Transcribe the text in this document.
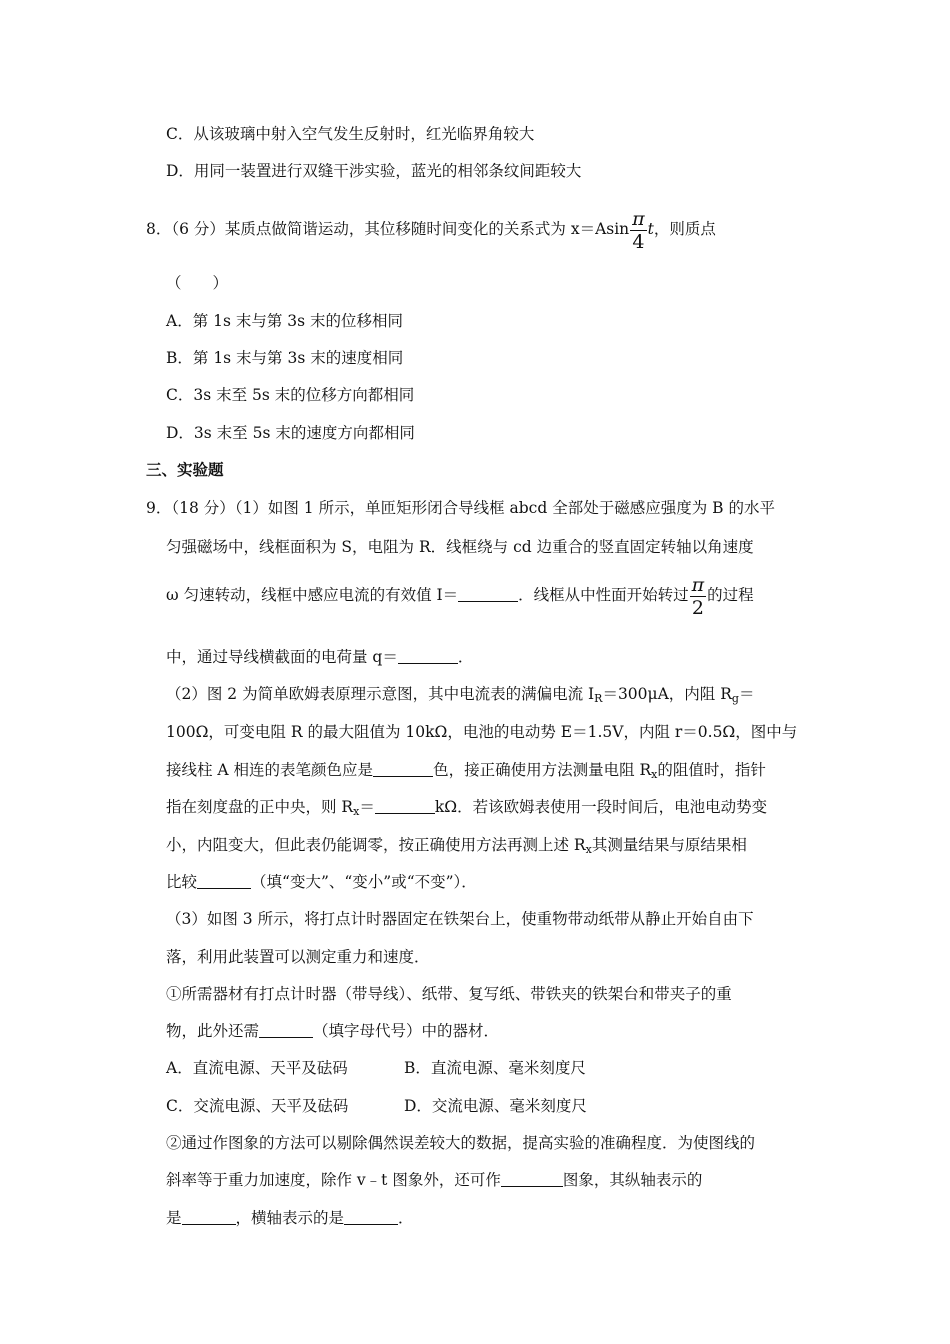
C．从该玻璃中射入空气发生反射时，红光临界角较大
D．用同一装置进行双缝干涉实验，蓝光的相邻条纹间距较大
8．（6 分）某质点做简谐运动，其位移随时间变化的关系式为 $x=Asin \frac{\pi}{4}$ t，则质点
（　　）
A．第 1s 末与第 3s 末的位移相同
B．第 1s 末与第 3s 末的速度相同
C．3s 末至 5s 末的位移方向都相同
D．3s 末至 5s 末的速度方向都相同
三、实验题
9．（18 分）（1）如图 1 所示，单匝矩形闭合导线框 abcd 全部处于磁感应强度为 B 的水平
匀强磁场中，线框面积为 S，电阻为 R．线框绕与 cd 边重合的竖直固定转轴以角速度
ω 匀速转动，线框中感应电流的有效值 I＝	．线框从中性面开始转过 $\frac{\pi}{2}$ 的过程
中，通过导线横截面的电荷量 q＝	．
（2）图 2 为简单欧姆表原理示意图，其中电流表的满偏电流 $I_R=300\mu A$，内阻 $R_g=$
100Ω，可变电阻 R 的最大阻值为 10kΩ，电池的电动势 E＝1.5V，内阻 r＝0.5Ω，图中与
接线柱 A 相连的表笔颜色应是	色，接正确使用方法测量电阻 $R_x$的阻值时，指针
指在刻度盘的正中央，则 $R_x=$	kΩ．若该欧姆表使用一段时间后，电池电动势变
小，内阻变大，但此表仍能调零，按正确使用方法再测上述 $R_x$其测量结果与原结果相
比较	（填“变大”、“变小”或“不变”）．
（3）如图 3 所示，将打点计时器固定在铁架台上，使重物带动纸带从静止开始自由下
落，利用此装置可以测定重力和速度．
①所需器材有打点计时器（带导线）、纸带、复写纸、带铁夹的铁架台和带夹子的重
物，此外还需	（填字母代号）中的器材．
A．直流电源、天平及砝码	B．直流电源、毫米刻度尺
C．交流电源、天平及砝码	D．交流电源、毫米刻度尺
②通过作图象的方法可以剔除偶然误差较大的数据，提高实验的准确程度．为使图线的
斜率等于重力加速度，除作 v﹣t 图象外，还可作	图象，其纵轴表示的
是	，横轴表示的是	．
